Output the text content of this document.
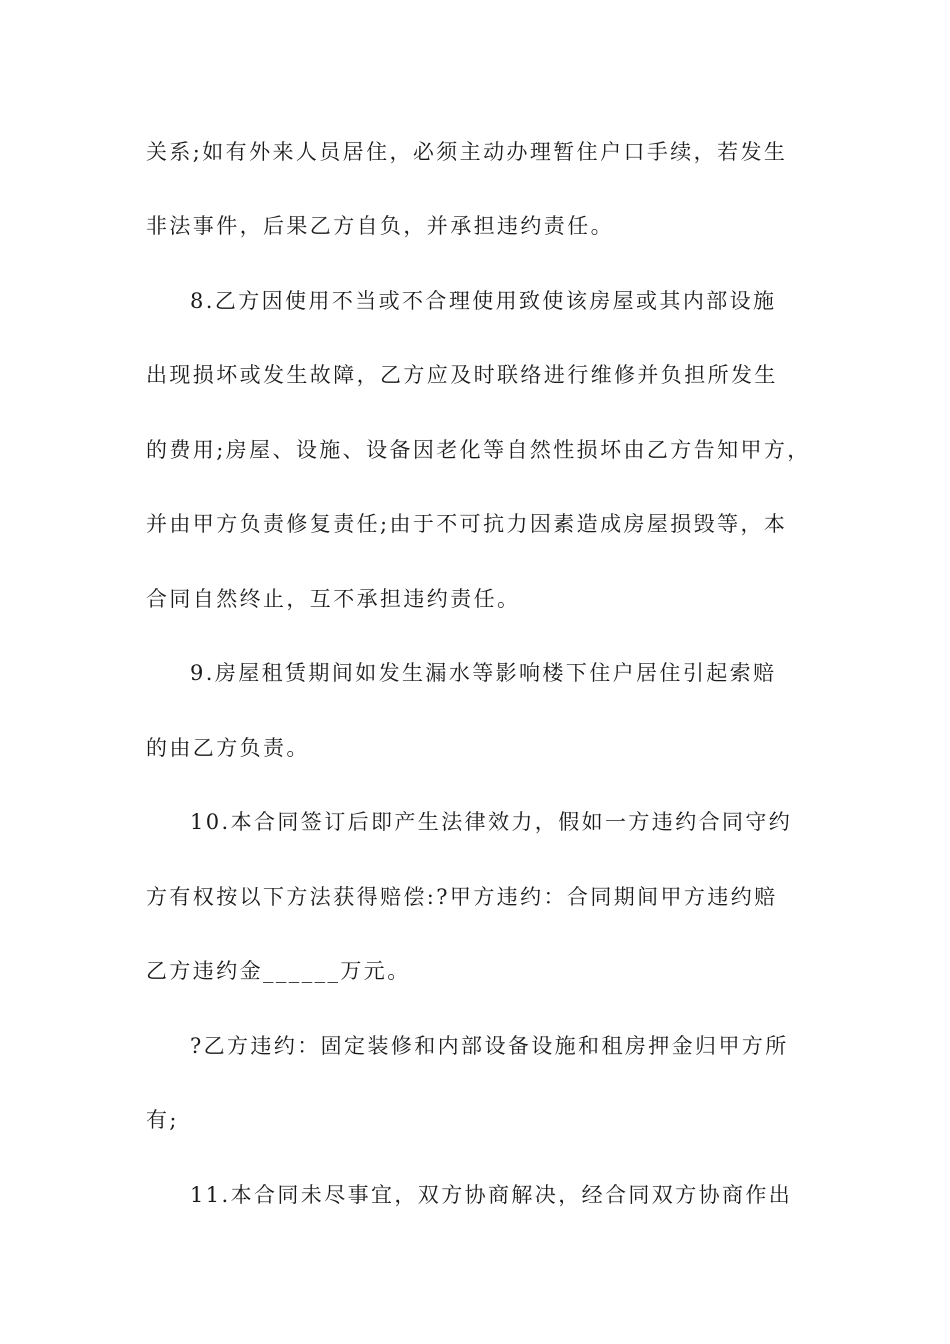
关系;如有外来人员居住，必须主动办理暂住户口手续，若发生
非法事件，后果乙方自负，并承担违约责任。
8.乙方因使用不当或不合理使用致使该房屋或其内部设施
出现损坏或发生故障，乙方应及时联络进行维修并负担所发生
的费用;房屋、设施、设备因老化等自然性损坏由乙方告知甲方，
并由甲方负责修复责任;由于不可抗力因素造成房屋损毁等，本
合同自然终止，互不承担违约责任。
9.房屋租赁期间如发生漏水等影响楼下住户居住引起索赔
的由乙方负责。
10.本合同签订后即产生法律效力，假如一方违约合同守约
方有权按以下方法获得赔偿:?甲方违约：合同期间甲方违约赔
乙方违约金______万元。
?乙方违约：固定装修和内部设备设施和租房押金归甲方所
有;
11.本合同未尽事宜，双方协商解决，经合同双方协商作出
